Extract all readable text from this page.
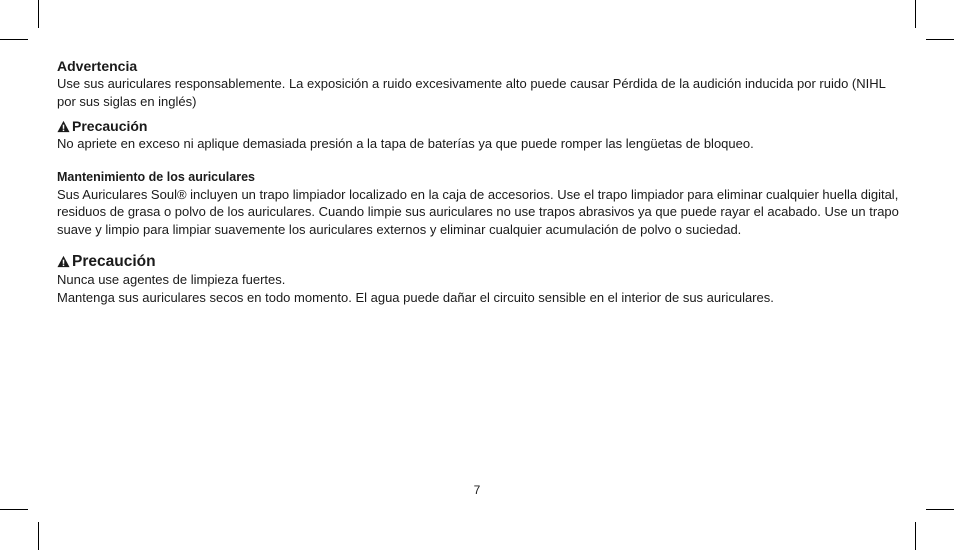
Advertencia

Use sus auriculares responsablemente. La exposición a ruido excesivamente alto puede causar Pérdida de la audición inducida por ruido (NIHL por sus siglas en inglés)

Precaución

No apriete en exceso ni aplique demasiada presión a la tapa de baterías ya que puede romper las lengüetas de bloqueo.

Mantenimiento de los auriculares

Sus Auriculares Soul® incluyen un trapo limpiador localizado en la caja de accesorios. Use el trapo limpiador para eliminar cualquier huella digital, residuos de grasa o polvo de los auriculares. Cuando limpie sus auriculares no use trapos abrasivos ya que puede rayar el acabado. Use un trapo suave y limpio para limpiar suavemente los auriculares externos y eliminar cualquier acumulación de polvo o suciedad.

Precaución

Nunca use agentes de limpieza fuertes.

Mantenga sus auriculares secos en todo momento. El agua puede dañar el circuito sensible en el interior de sus auriculares.

7
